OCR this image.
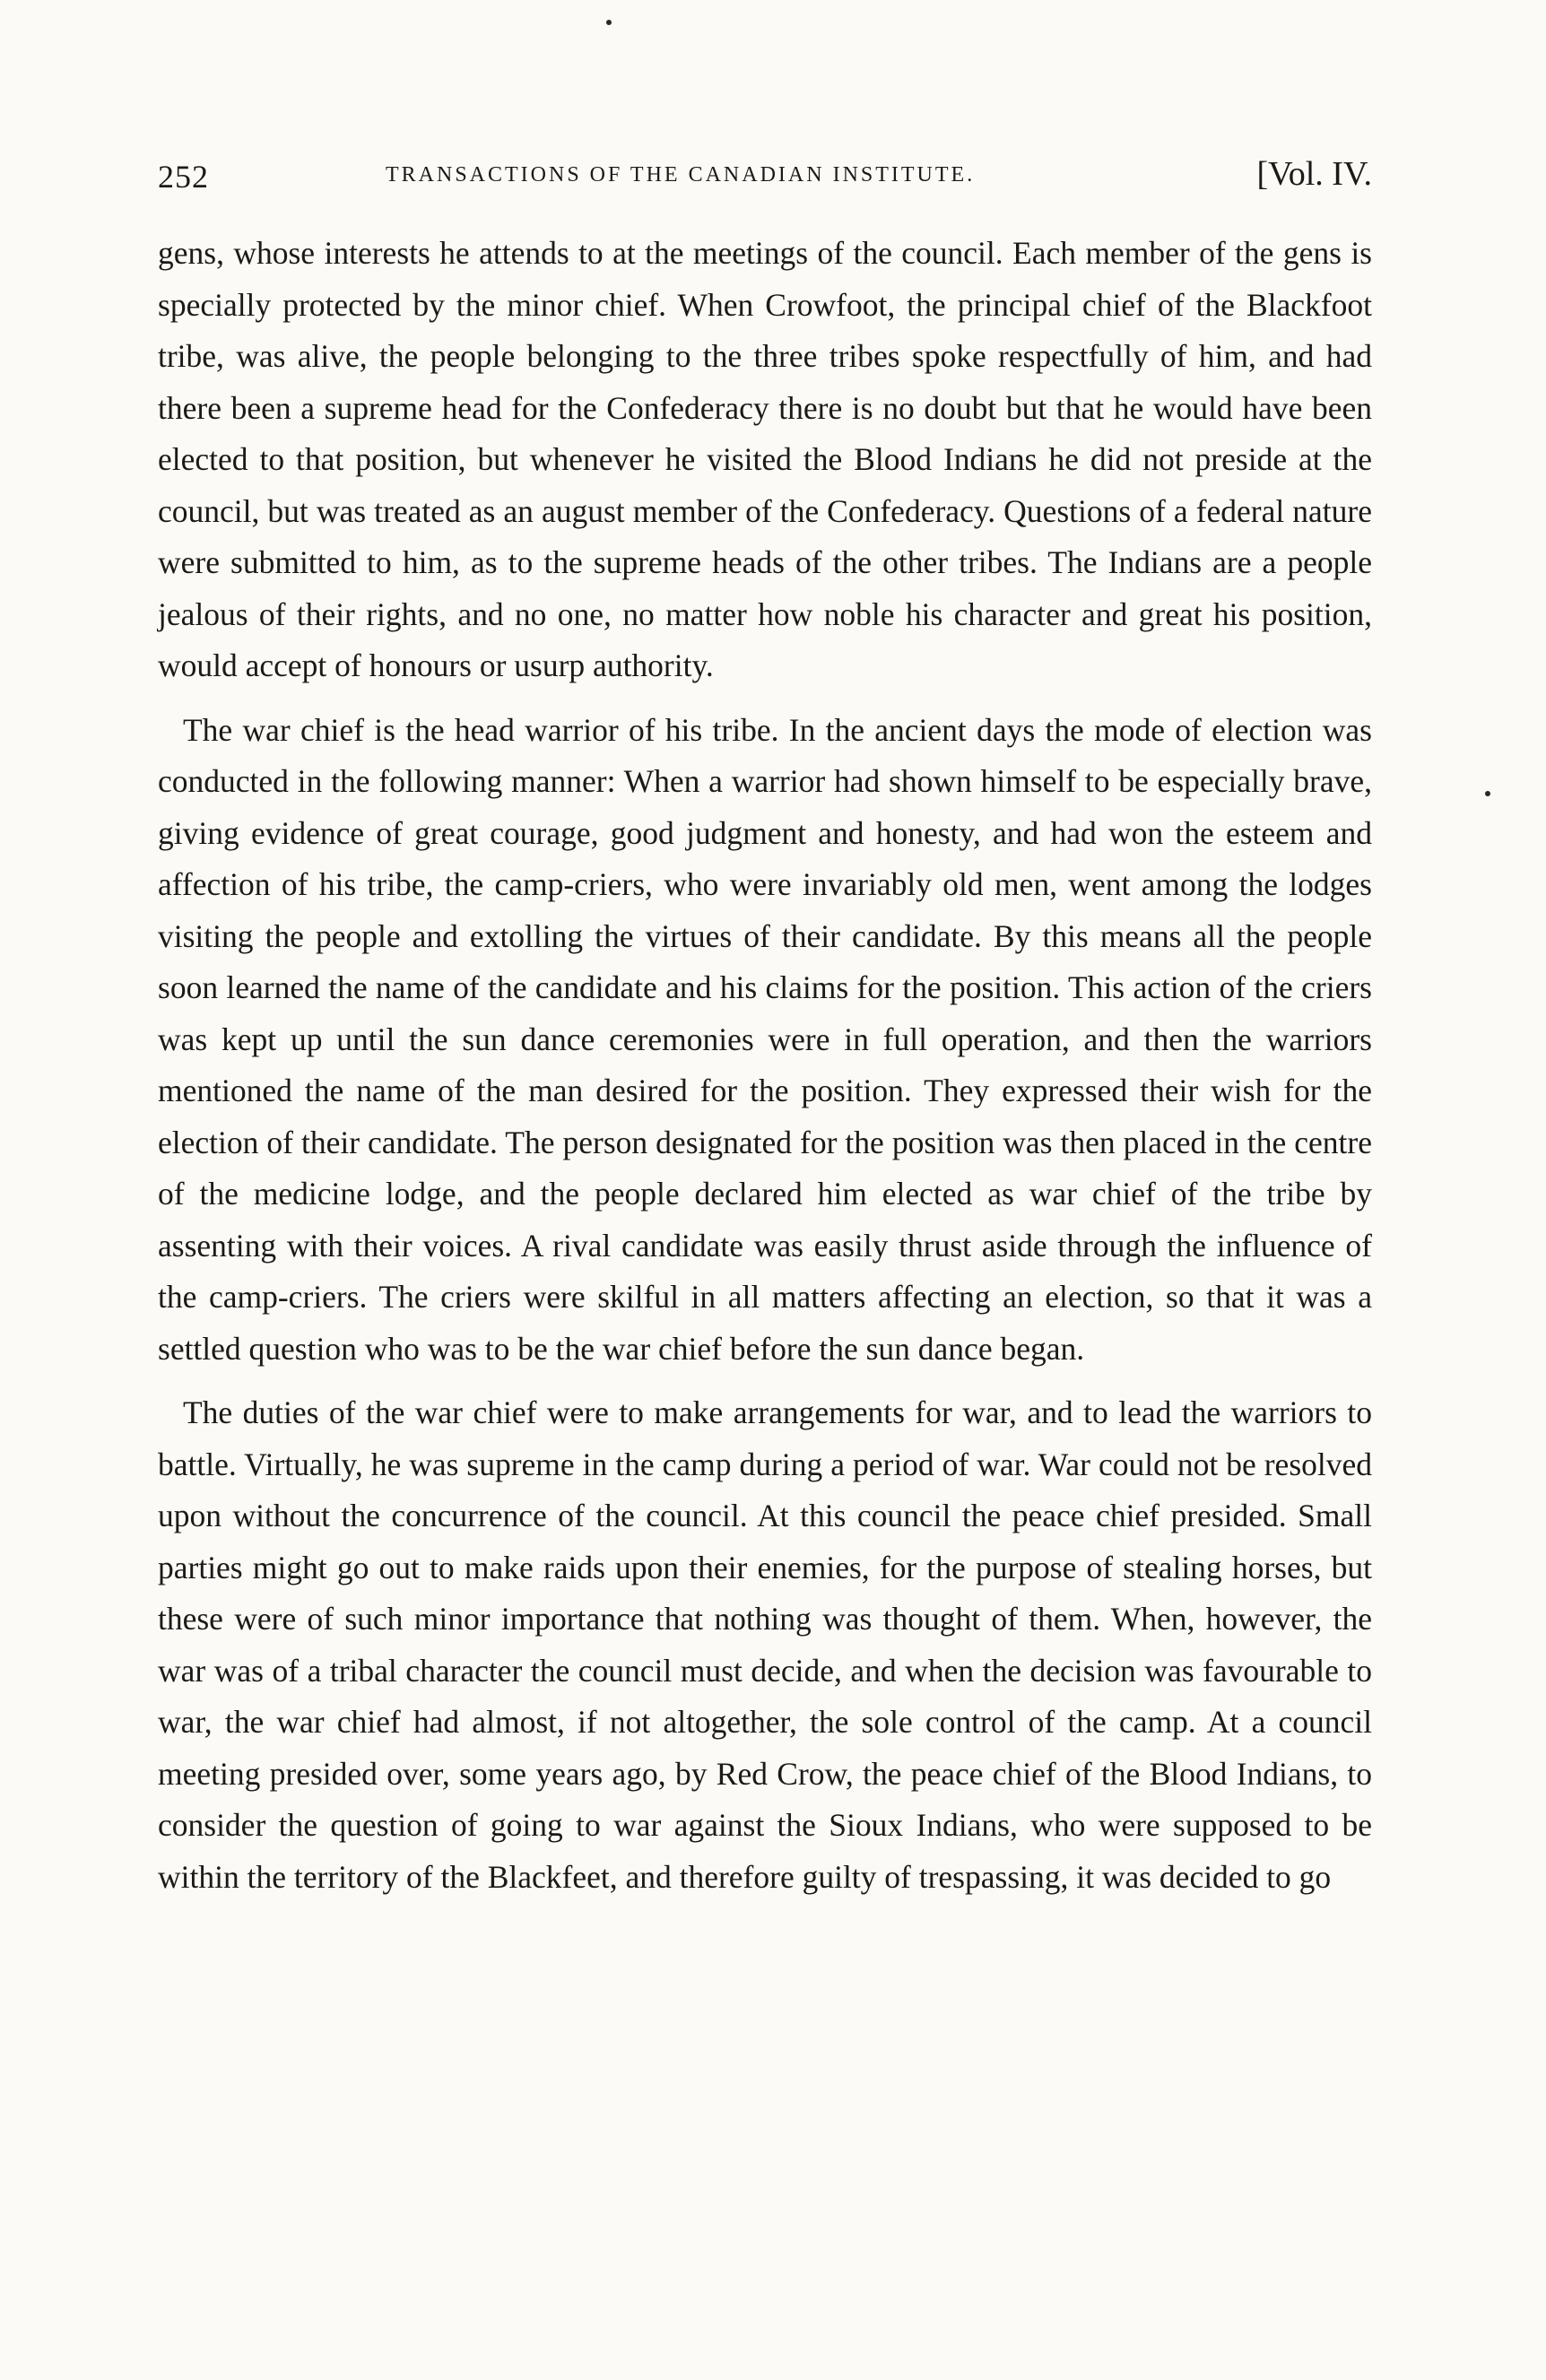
252	TRANSACTIONS OF THE CANADIAN INSTITUTE.	[Vol. IV.

gens, whose interests he attends to at the meetings of the council. Each member of the gens is specially protected by the minor chief. When Crowfoot, the principal chief of the Blackfoot tribe, was alive, the people belonging to the three tribes spoke respectfully of him, and had there been a supreme head for the Confederacy there is no doubt but that he would have been elected to that position, but whenever he visited the Blood Indians he did not preside at the council, but was treated as an august member of the Confederacy. Questions of a federal nature were submitted to him, as to the supreme heads of the other tribes. The Indians are a people jealous of their rights, and no one, no matter how noble his character and great his position, would accept of honours or usurp authority.

The war chief is the head warrior of his tribe. In the ancient days the mode of election was conducted in the following manner: When a warrior had shown himself to be especially brave, giving evidence of great courage, good judgment and honesty, and had won the esteem and affection of his tribe, the camp-criers, who were invariably old men, went among the lodges visiting the people and extolling the virtues of their candidate. By this means all the people soon learned the name of the candidate and his claims for the position. This action of the criers was kept up until the sun dance ceremonies were in full operation, and then the warriors mentioned the name of the man desired for the position. They expressed their wish for the election of their candidate. The person designated for the position was then placed in the centre of the medicine lodge, and the people declared him elected as war chief of the tribe by assenting with their voices. A rival candidate was easily thrust aside through the influence of the camp-criers. The criers were skilful in all matters affecting an election, so that it was a settled question who was to be the war chief before the sun dance began.

The duties of the war chief were to make arrangements for war, and to lead the warriors to battle. Virtually, he was supreme in the camp during a period of war. War could not be resolved upon without the concurrence of the council. At this council the peace chief presided. Small parties might go out to make raids upon their enemies, for the purpose of stealing horses, but these were of such minor importance that nothing was thought of them. When, however, the war was of a tribal character the council must decide, and when the decision was favourable to war, the war chief had almost, if not altogether, the sole control of the camp. At a council meeting presided over, some years ago, by Red Crow, the peace chief of the Blood Indians, to consider the question of going to war against the Sioux Indians, who were supposed to be within the territory of the Blackfeet, and therefore guilty of trespassing, it was decided to go
